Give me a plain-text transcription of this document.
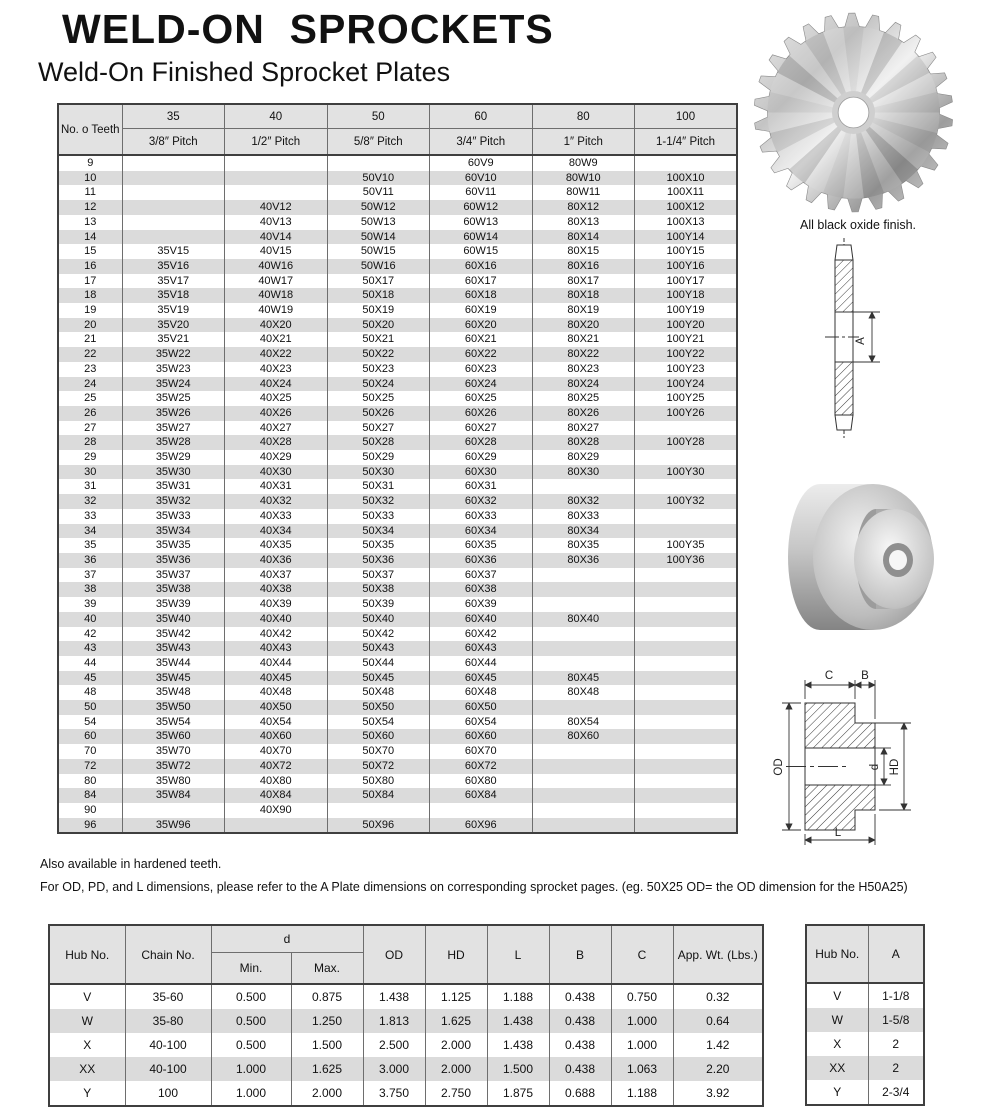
WELD-ON  SPROCKETS
Weld-On Finished Sprocket Plates
No. o Teeth	35	40	50	60	80	100
	3/8″ Pitch	1/2″ Pitch	5/8″ Pitch	3/4″ Pitch	1″ Pitch	1-1/4″ Pitch
9				60V9	80W9	
10			50V10	60V10	80W10	100X10
11			50V11	60V11	80W11	100X11
12		40V12	50W12	60W12	80X12	100X12
13		40V13	50W13	60W13	80X13	100X13
14		40V14	50W14	60W14	80X14	100Y14
15	35V15	40V15	50W15	60W15	80X15	100Y15
16	35V16	40W16	50W16	60X16	80X16	100Y16
17	35V17	40W17	50X17	60X17	80X17	100Y17
18	35V18	40W18	50X18	60X18	80X18	100Y18
19	35V19	40W19	50X19	60X19	80X19	100Y19
20	35V20	40X20	50X20	60X20	80X20	100Y20
21	35V21	40X21	50X21	60X21	80X21	100Y21
22	35W22	40X22	50X22	60X22	80X22	100Y22
23	35W23	40X23	50X23	60X23	80X23	100Y23
24	35W24	40X24	50X24	60X24	80X24	100Y24
25	35W25	40X25	50X25	60X25	80X25	100Y25
26	35W26	40X26	50X26	60X26	80X26	100Y26
27	35W27	40X27	50X27	60X27	80X27	
28	35W28	40X28	50X28	60X28	80X28	100Y28
29	35W29	40X29	50X29	60X29	80X29	
30	35W30	40X30	50X30	60X30	80X30	100Y30
31	35W31	40X31	50X31	60X31		
32	35W32	40X32	50X32	60X32	80X32	100Y32
33	35W33	40X33	50X33	60X33	80X33	
34	35W34	40X34	50X34	60X34	80X34	
35	35W35	40X35	50X35	60X35	80X35	100Y35
36	35W36	40X36	50X36	60X36	80X36	100Y36
37	35W37	40X37	50X37	60X37		
38	35W38	40X38	50X38	60X38		
39	35W39	40X39	50X39	60X39		
40	35W40	40X40	50X40	60X40	80X40	
42	35W42	40X42	50X42	60X42		
43	35W43	40X43	50X43	60X43		
44	35W44	40X44	50X44	60X44		
45	35W45	40X45	50X45	60X45	80X45	
48	35W48	40X48	50X48	60X48	80X48	
50	35W50	40X50	50X50	60X50		
54	35W54	40X54	50X54	60X54	80X54	
60	35W60	40X60	50X60	60X60	80X60	
70	35W70	40X70	50X70	60X70		
72	35W72	40X72	50X72	60X72		
80	35W80	40X80	50X80	60X80		
84	35W84	40X84	50X84	60X84		
90		40X90				
96	35W96		50X96	60X96		
Also available in hardened teeth.
For OD, PD, and L dimensions, please refer to the A Plate dimensions on corresponding sprocket pages. (eg. 50X25 OD= the OD dimension for the H50A25)
Hub No.	Chain No.	d		OD	HD	L	B	C	App. Wt. (Lbs.)
		Min.	Max.						
V	35-60	0.500	0.875	1.438	1.125	1.188	0.438	0.750	0.32
W	35-80	0.500	1.250	1.813	1.625	1.438	0.438	1.000	0.64
X	40-100	0.500	1.500	2.500	2.000	1.438	0.438	1.000	1.42
XX	40-100	1.000	1.625	3.000	2.000	1.500	0.438	1.063	2.20
Y	100	1.000	2.000	3.750	2.750	1.875	0.688	1.188	3.92
Hub No.	A
V	1-1/8
W	1-5/8
X	2
XX	2
Y	2-3/4
All black oxide finish.
A
C B
OD	d HD
L
